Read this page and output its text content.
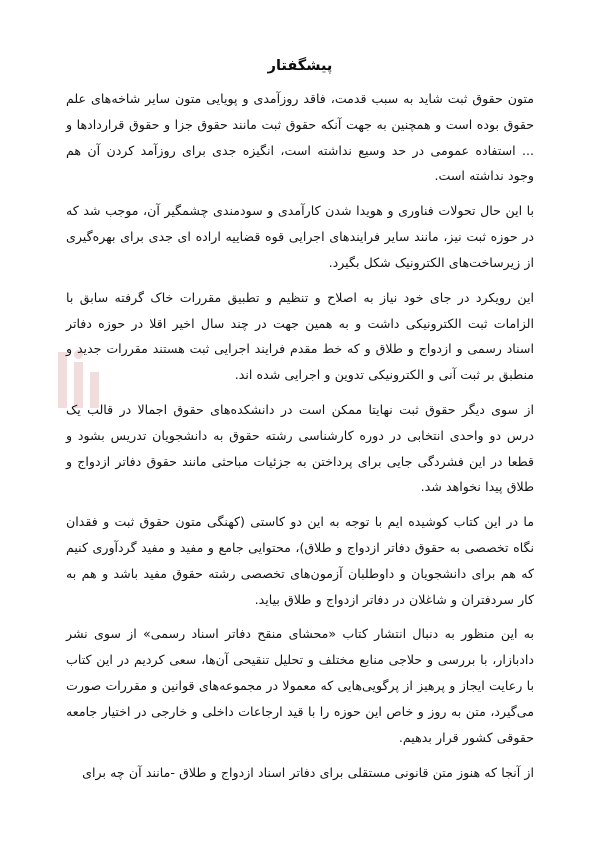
پیشگفتار

متون حقوق ثبت شاید به سبب قدمت، فاقد روزآمدی و پویایی متون سایر شاخه‌های علم حقوق بوده است و همچنین به جهت آنکه حقوق ثبت مانند حقوق جزا و حقوق قراردادها و ... استفاده عمومی در حد وسیع نداشته است، انگیزه جدی برای روزآمد کردن آن هم وجود نداشته است.

با این حال تحولات فناوری و هویدا شدن کارآمدی و سودمندی چشمگیر آن، موجب شد که در حوزه ثبت نیز، مانند سایر فرایندهای اجرایی قوه قضاییه اراده ای جدی برای بهره‌گیری از زیرساخت‌های الکترونیک شکل بگیرد.

این رویکرد در جای خود نیاز به اصلاح و تنظیم و تطبیق مقررات خاک گرفته سابق با الزامات ثبت الکترونیکی داشت و به همین جهت در چند سال اخیر اقلا در حوزه دفاتر اسناد رسمی و ازدواج و طلاق و که خط مقدم فرایند اجرایی ثبت هستند مقررات جدید و منطبق بر ثبت آنی و الکترونیکی تدوین و اجرایی شده اند.

از سوی دیگر حقوق ثبت نهایتا ممکن است در دانشکده‌های حقوق اجمالا در قالب یک درس دو واحدی انتخابی در دوره کارشناسی رشته حقوق به دانشجویان تدریس بشود و قطعا در این فشردگی جایی برای پرداختن به جزئیات مباحثی مانند حقوق دفاتر ازدواج و طلاق پیدا نخواهد شد.

ما در این کتاب کوشیده ایم با توجه به این دو کاستی (کهنگی متون حقوق ثبت و فقدان نگاه تخصصی به حقوق دفاتر ازدواج و طلاق)، محتوایی جامع و مفید و مفید گردآوری کنیم که هم برای دانشجویان و داوطلبان آزمون‌های تخصصی رشته حقوق مفید باشد و هم به کار سردفتران و شاغلان در دفاتر ازدواج و طلاق بیاید.

به این منظور به دنبال انتشار کتاب «محشای منقح دفاتر اسناد رسمی» از سوی نشر دادبازار، با بررسی و حلاجی منابع مختلف و تحلیل تنقیحی آن‌ها، سعی کردیم در این کتاب با رعایت ایجاز و پرهیز از پرگویی‌هایی که معمولا در مجموعه‌های قوانین و مقررات صورت می‌گیرد، متن به روز و خاص این حوزه را با قید ارجاعات داخلی و خارجی در اختیار جامعه حقوقی کشور قرار بدهیم.

از آنجا که هنوز متن قانونی مستقلی برای دفاتر اسناد ازدواج و طلاق -مانند آن چه برای
